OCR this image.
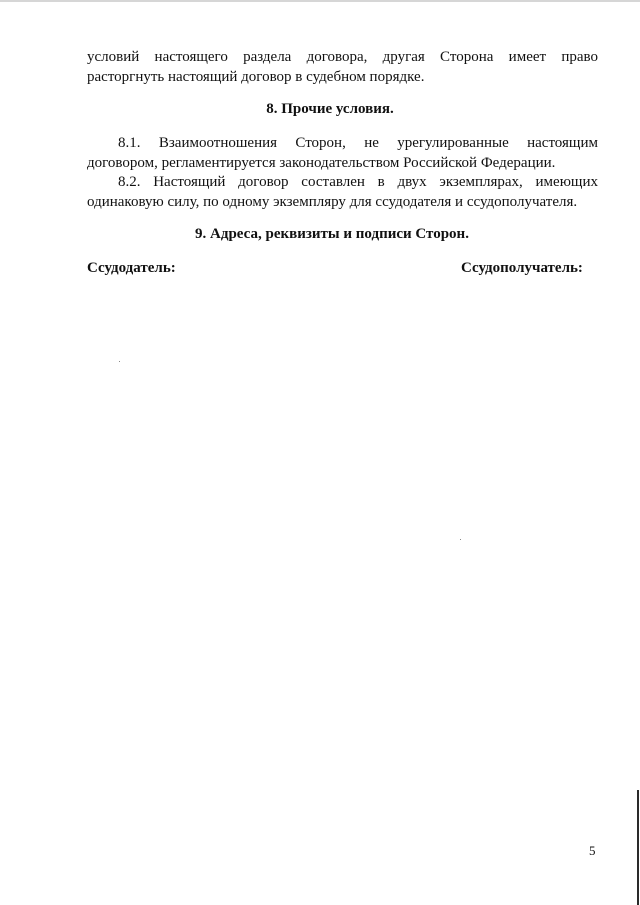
условий настоящего раздела договора, другая Сторона имеет право расторгнуть настоящий договор в судебном порядке.

8. Прочие условия.

8.1. Взаимоотношения Сторон, не урегулированные настоящим договором, регламентируется законодательством Российской Федерации.

8.2. Настоящий договор составлен в двух экземплярах, имеющих одинаковую силу, по одному экземпляру для ссудодателя и ссудополучателя.

9. Адреса, реквизиты и подписи Сторон.

Ссудодатель:	Ссудополучатель:
5
